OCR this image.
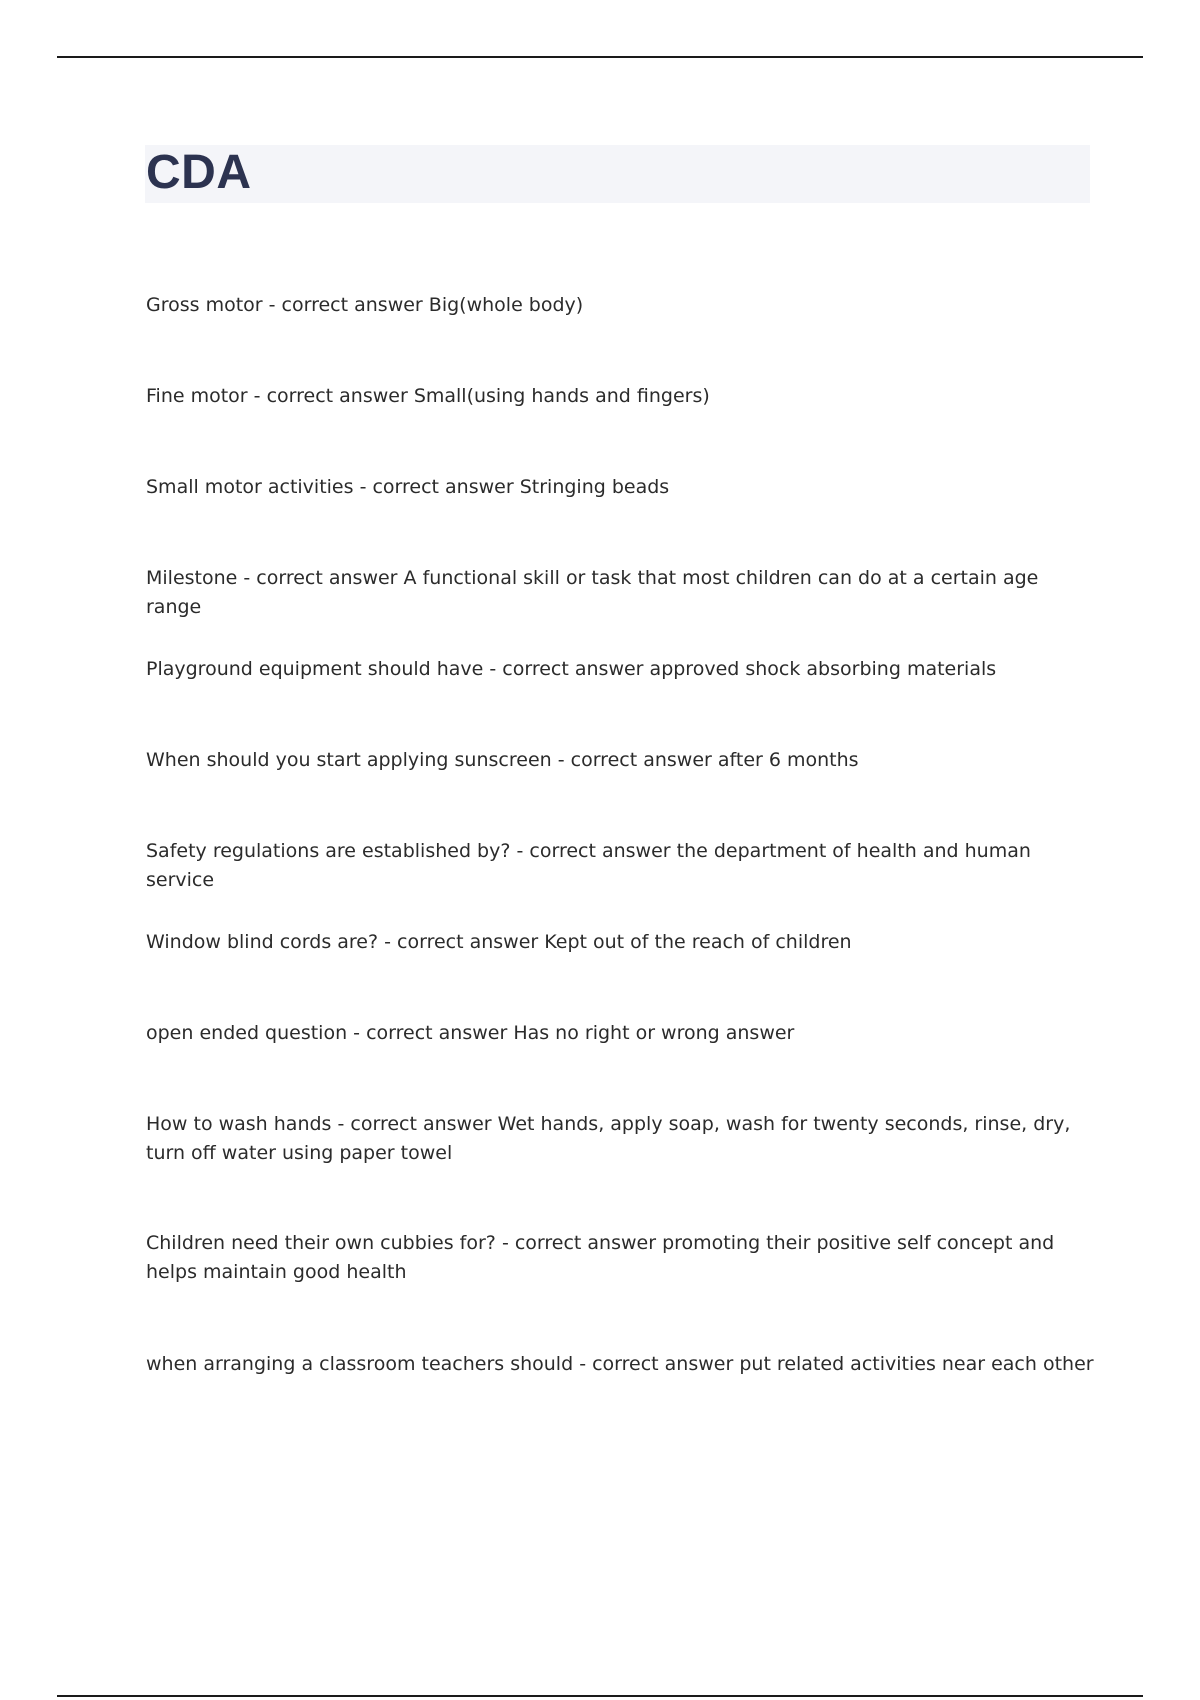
CDA
Gross motor - correct answer Big(whole body)
Fine motor - correct answer Small(using hands and fingers)
Small motor activities - correct answer Stringing beads
Milestone - correct answer A functional skill or task that most children can do at a certain age range
Playground equipment should have - correct answer approved shock absorbing materials
When should you start applying sunscreen - correct answer after 6 months
Safety regulations are established by? - correct answer the department of health and human service
Window blind cords are? - correct answer Kept out of the reach of children
open ended question - correct answer Has no right or wrong answer
How to wash hands - correct answer Wet hands, apply soap, wash for twenty seconds, rinse, dry, turn off water using paper towel
Children need their own cubbies for? - correct answer promoting their positive self concept and helps maintain good health
when arranging a classroom teachers should - correct answer put related activities near each other
